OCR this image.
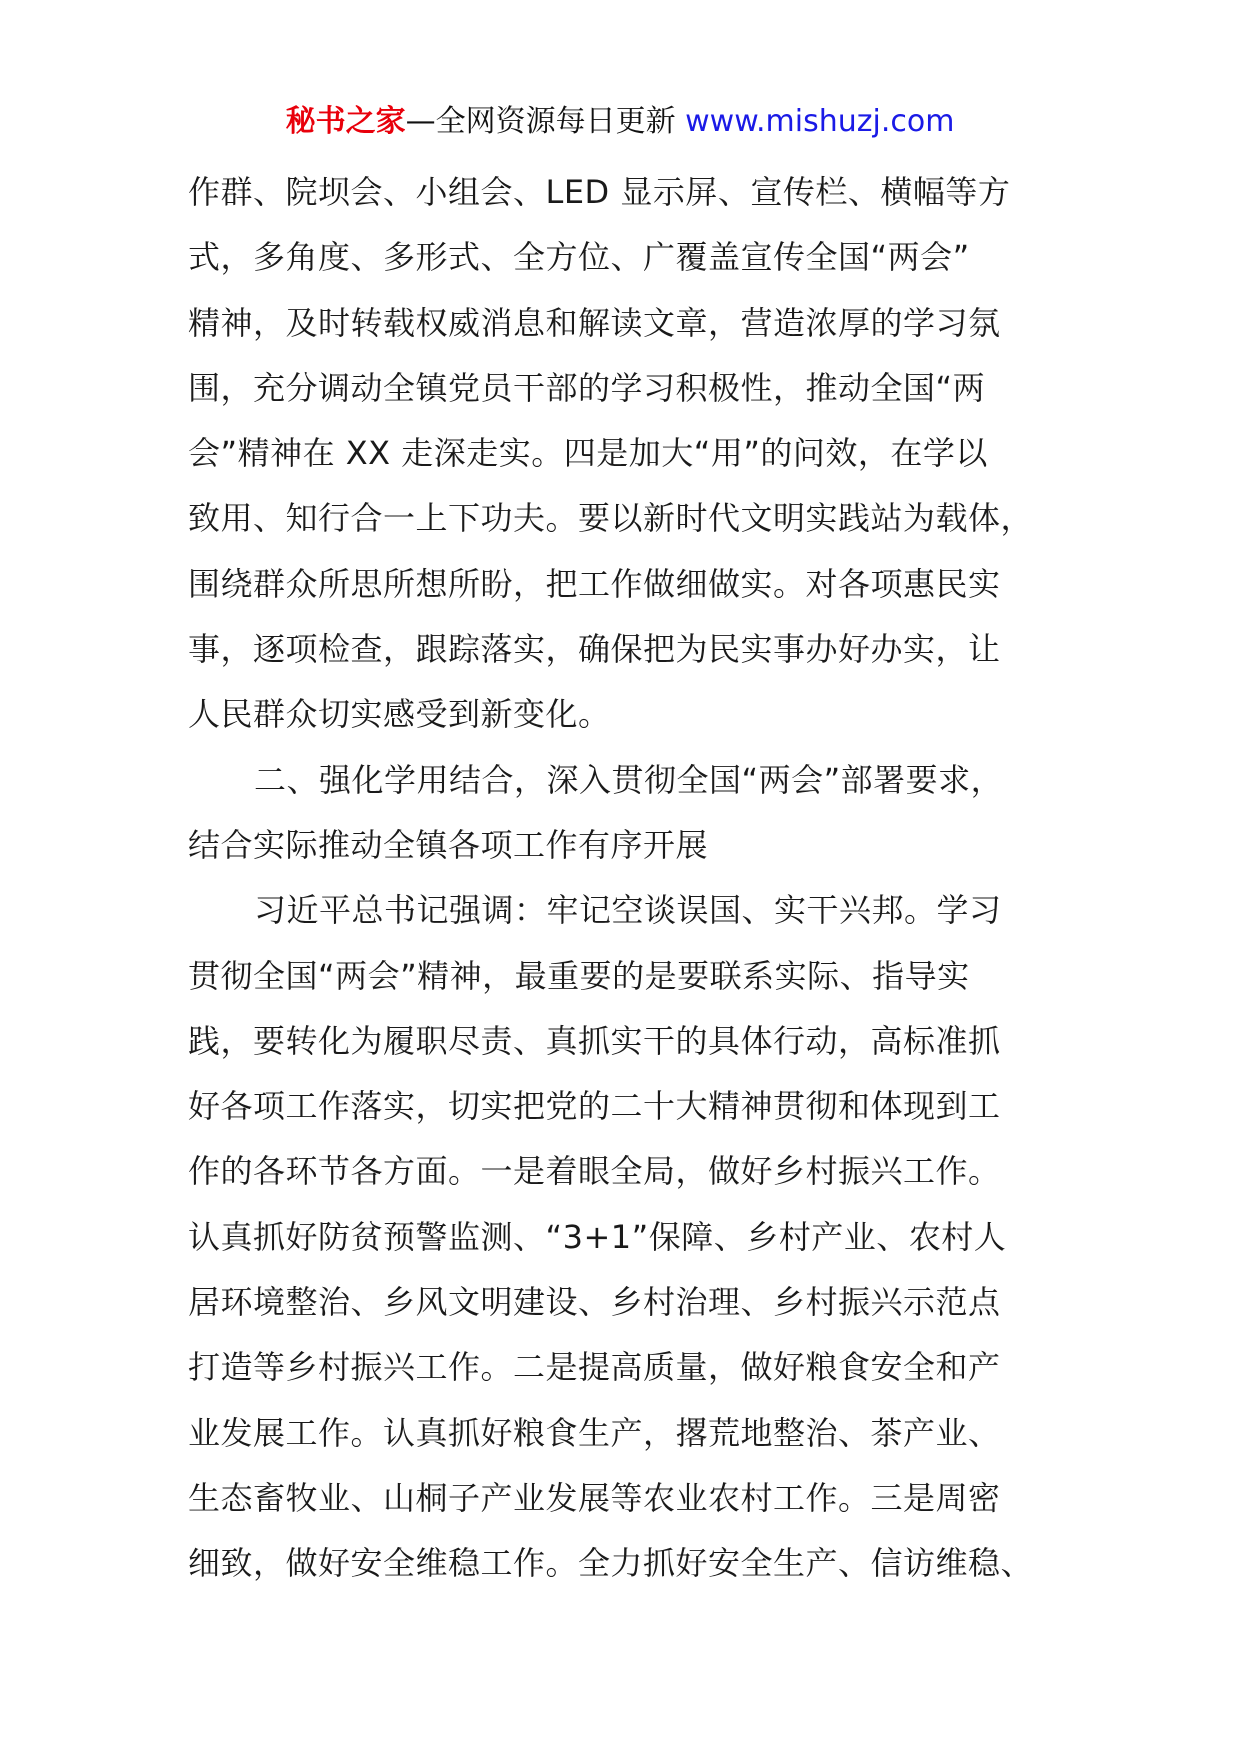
秘书之家—全网资源每日更新 www.mishuzj.com
作群、院坝会、小组会、LED 显示屏、宣传栏、横幅等方
式，多角度、多形式、全方位、广覆盖宣传全国“两会”
精神，及时转载权威消息和解读文章，营造浓厚的学习氛
围，充分调动全镇党员干部的学习积极性，推动全国“两
会”精神在 XX 走深走实。四是加大“用”的问效，在学以
致用、知行合一上下功夫。要以新时代文明实践站为载体，
围绕群众所思所想所盼，把工作做细做实。对各项惠民实
事，逐项检查，跟踪落实，确保把为民实事办好办实，让
人民群众切实感受到新变化。
二、强化学用结合，深入贯彻全国“两会”部署要求，
结合实际推动全镇各项工作有序开展
习近平总书记强调：牢记空谈误国、实干兴邦。学习
贯彻全国“两会”精神，最重要的是要联系实际、指导实
践，要转化为履职尽责、真抓实干的具体行动，高标准抓
好各项工作落实，切实把党的二十大精神贯彻和体现到工
作的各环节各方面。一是着眼全局，做好乡村振兴工作。
认真抓好防贫预警监测、“3+1”保障、乡村产业、农村人
居环境整治、乡风文明建设、乡村治理、乡村振兴示范点
打造等乡村振兴工作。二是提高质量，做好粮食安全和产
业发展工作。认真抓好粮食生产，撂荒地整治、茶产业、
生态畜牧业、山桐子产业发展等农业农村工作。三是周密
细致，做好安全维稳工作。全力抓好安全生产、信访维稳、
